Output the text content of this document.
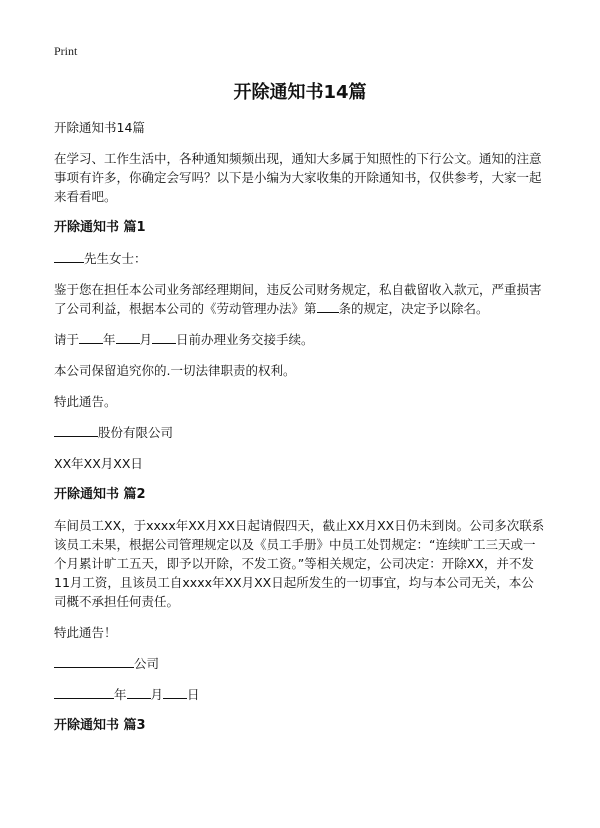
Print
开除通知书14篇

开除通知书14篇

在学习、工作生活中，各种通知频频出现，通知大多属于知照性的下行公文。通知的注意事项有许多，你确定会写吗？以下是小编为大家收集的开除通知书，仅供参考，大家一起来看看吧。

开除通知书 篇1

先生女士：

鉴于您在担任本公司业务部经理期间，违反公司财务规定，私自截留收入款元，严重损害了公司利益，根据本公司的《劳动管理办法》第 条的规定，决定予以除名。

请于 年 月 日前办理业务交接手续。

本公司保留追究你的.一切法律职责的权利。

特此通告。

股份有限公司

XX年XX月XX日

开除通知书 篇2

车间员工XX，于xxxx年XX月XX日起请假四天，截止XX月XX日仍未到岗。公司多次联系该员工未果，根据公司管理规定以及《员工手册》中员工处罚规定：“连续旷工三天或一个月累计旷工五天，即予以开除，不发工资。”等相关规定，公司决定：开除XX，并不发11月工资，且该员工自xxxx年XX月XX日起所发生的一切事宜，均与本公司无关，本公司概不承担任何责任。

特此通告！

公司

年 月 日

开除通知书 篇3
